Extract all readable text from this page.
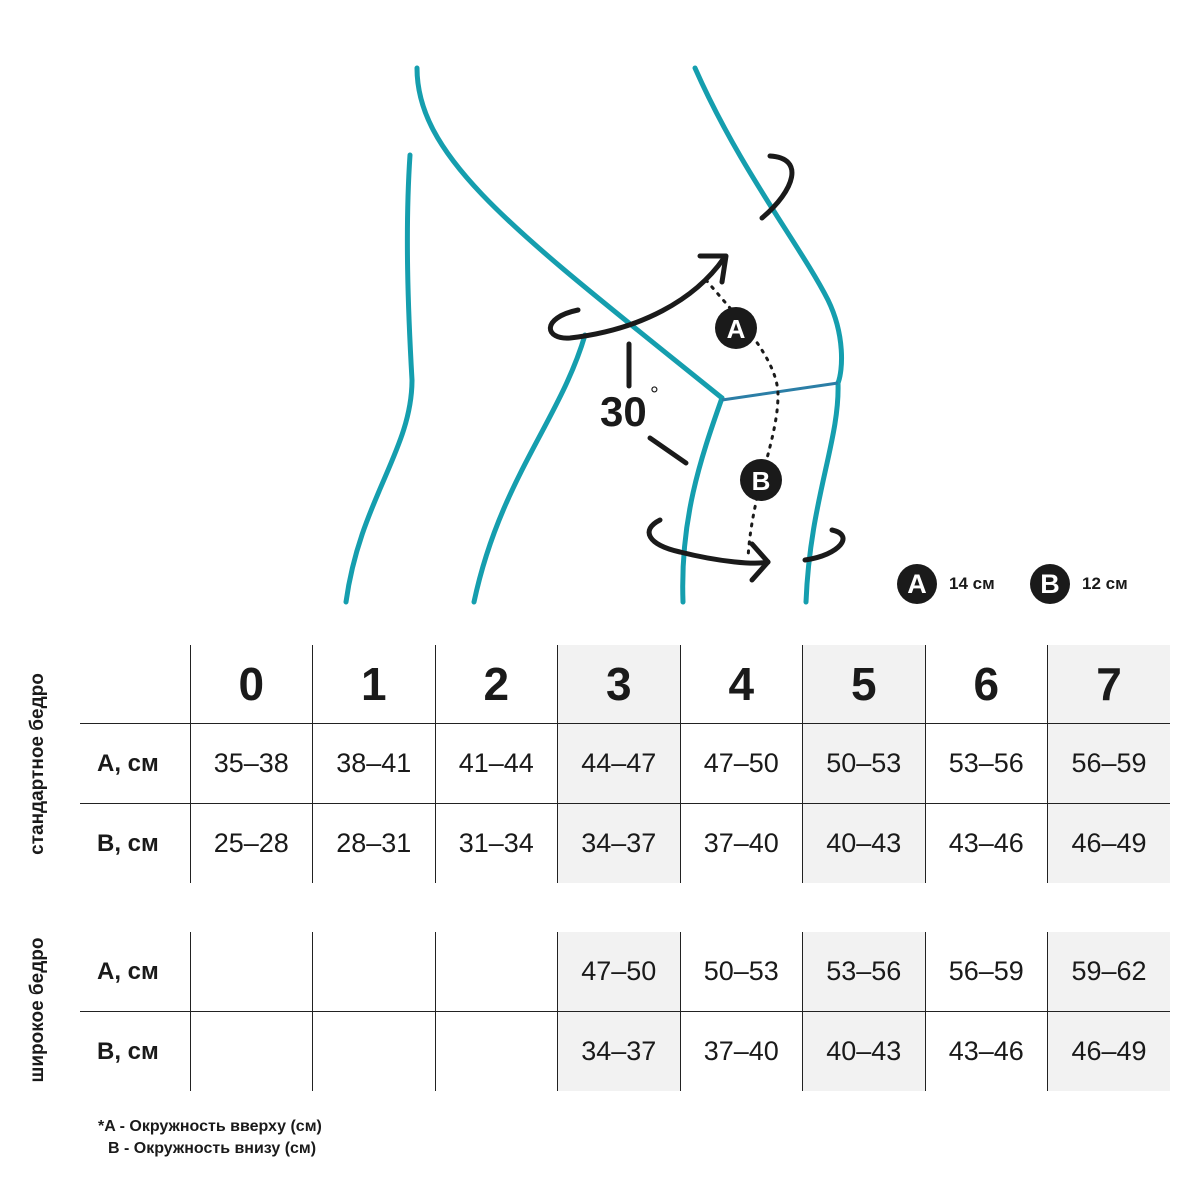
A
B
30 °
A	14 см	B	12 см
стандартное бедро
широкое бедро
	0	1	2	3	4	5	6	7
A, см	35–38	38–41	41–44	44–47	47–50	50–53	53–56	56–59
B, см	25–28	28–31	31–34	34–37	37–40	40–43	43–46	46–49
A, см				47–50	50–53	53–56	56–59	59–62
B, см				34–37	37–40	40–43	43–46	46–49
*A - Окружность вверху (см)
B - Окружность внизу (см)
